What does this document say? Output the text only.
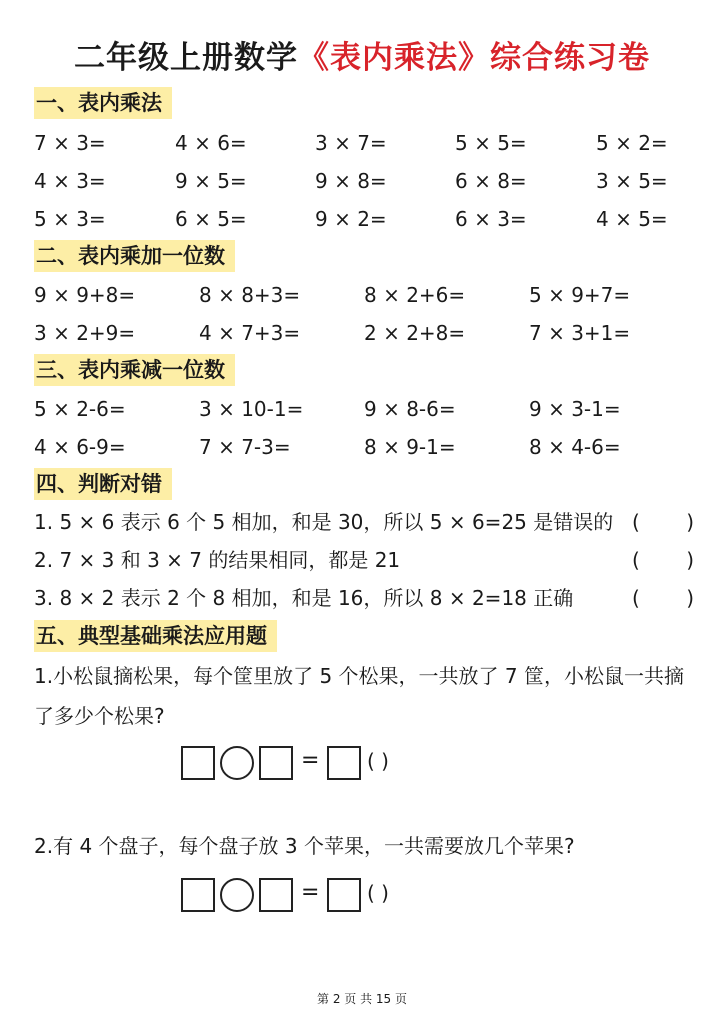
二年级上册数学《表内乘法》综合练习卷
一、表内乘法
7 × 3=	4 × 6=	3 × 7=	5 × 5=	5 × 2=
4 × 3=	9 × 5=	9 × 8=	6 × 8=	3 × 5=
5 × 3=	6 × 5=	9 × 2=	6 × 3=	4 × 5=
二、表内乘加一位数
9 × 9+8=	8 × 8+3=	8 × 2+6=	5 × 9+7=
3 × 2+9=	4 × 7+3=	2 × 2+8=	7 × 3+1=
三、表内乘减一位数
5 × 2-6=	3 × 10-1=	9 × 8-6=	9 × 3-1=
4 × 6-9=	7 × 7-3=	8 × 9-1=	8 × 4-6=
四、判断对错
1. 5 × 6 表示 6 个 5 相加，和是 30，所以 5 × 6=25 是错误的 ( )
2. 7 × 3 和 3 × 7 的结果相同，都是 21	( )
3. 8 × 2 表示 2 个 8 相加，和是 16，所以 8 × 2=18 正确	( )
五、典型基础乘法应用题
1.小松鼠摘松果，每个筐里放了 5 个松果，一共放了 7 筐，小松鼠一共摘了多少个松果?
= ( )
2.有 4 个盘子，每个盘子放 3 个苹果，一共需要放几个苹果?
= ( )
第 2 页 共 15 页
